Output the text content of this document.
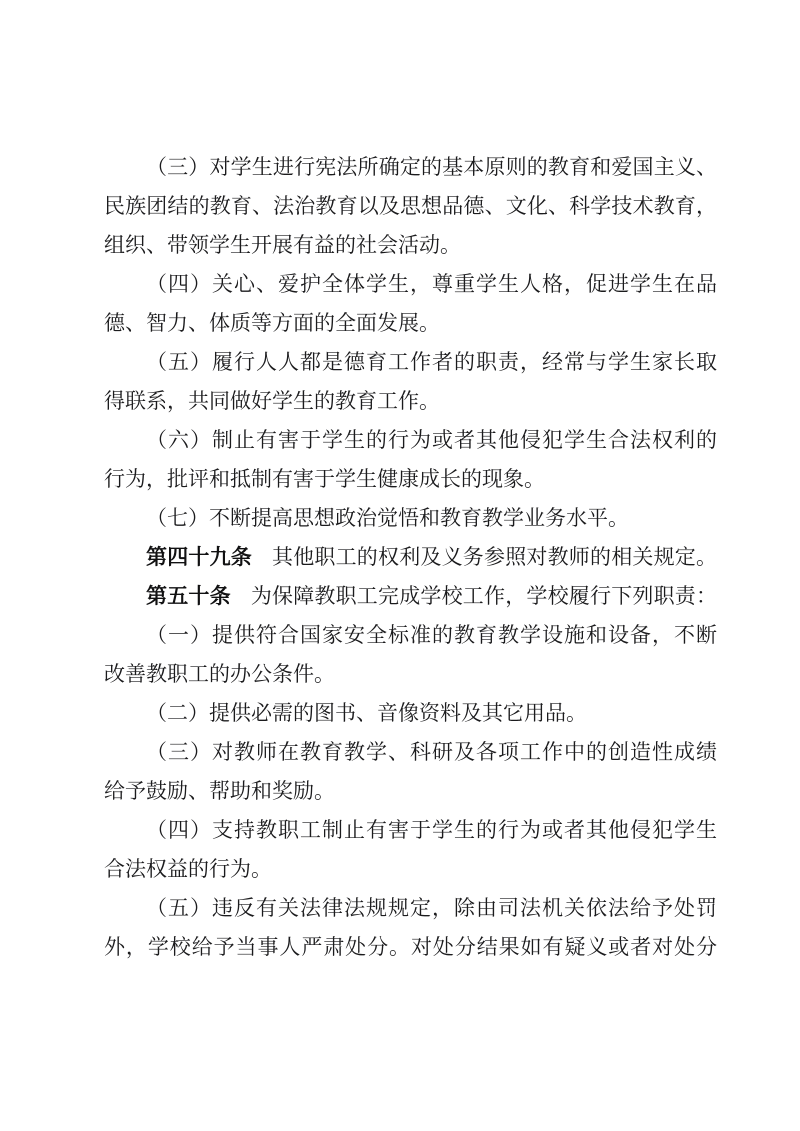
（三）对学生进行宪法所确定的基本原则的教育和爱国主义、
民族团结的教育、法治教育以及思想品德、文化、科学技术教育，
组织、带领学生开展有益的社会活动。
（四）关心、爱护全体学生，尊重学生人格，促进学生在品
德、智力、体质等方面的全面发展。
（五）履行人人都是德育工作者的职责，经常与学生家长取
得联系，共同做好学生的教育工作。
（六）制止有害于学生的行为或者其他侵犯学生合法权利的
行为，批评和抵制有害于学生健康成长的现象。
（七）不断提高思想政治觉悟和教育教学业务水平。
第四十九条 其他职工的权利及义务参照对教师的相关规定。
第五十条 为保障教职工完成学校工作，学校履行下列职责：
（一）提供符合国家安全标准的教育教学设施和设备，不断
改善教职工的办公条件。
（二）提供必需的图书、音像资料及其它用品。
（三）对教师在教育教学、科研及各项工作中的创造性成绩
给予鼓励、帮助和奖励。
（四）支持教职工制止有害于学生的行为或者其他侵犯学生
合法权益的行为。
（五）违反有关法律法规规定，除由司法机关依法给予处罚
外，学校给予当事人严肃处分。对处分结果如有疑义或者对处分
